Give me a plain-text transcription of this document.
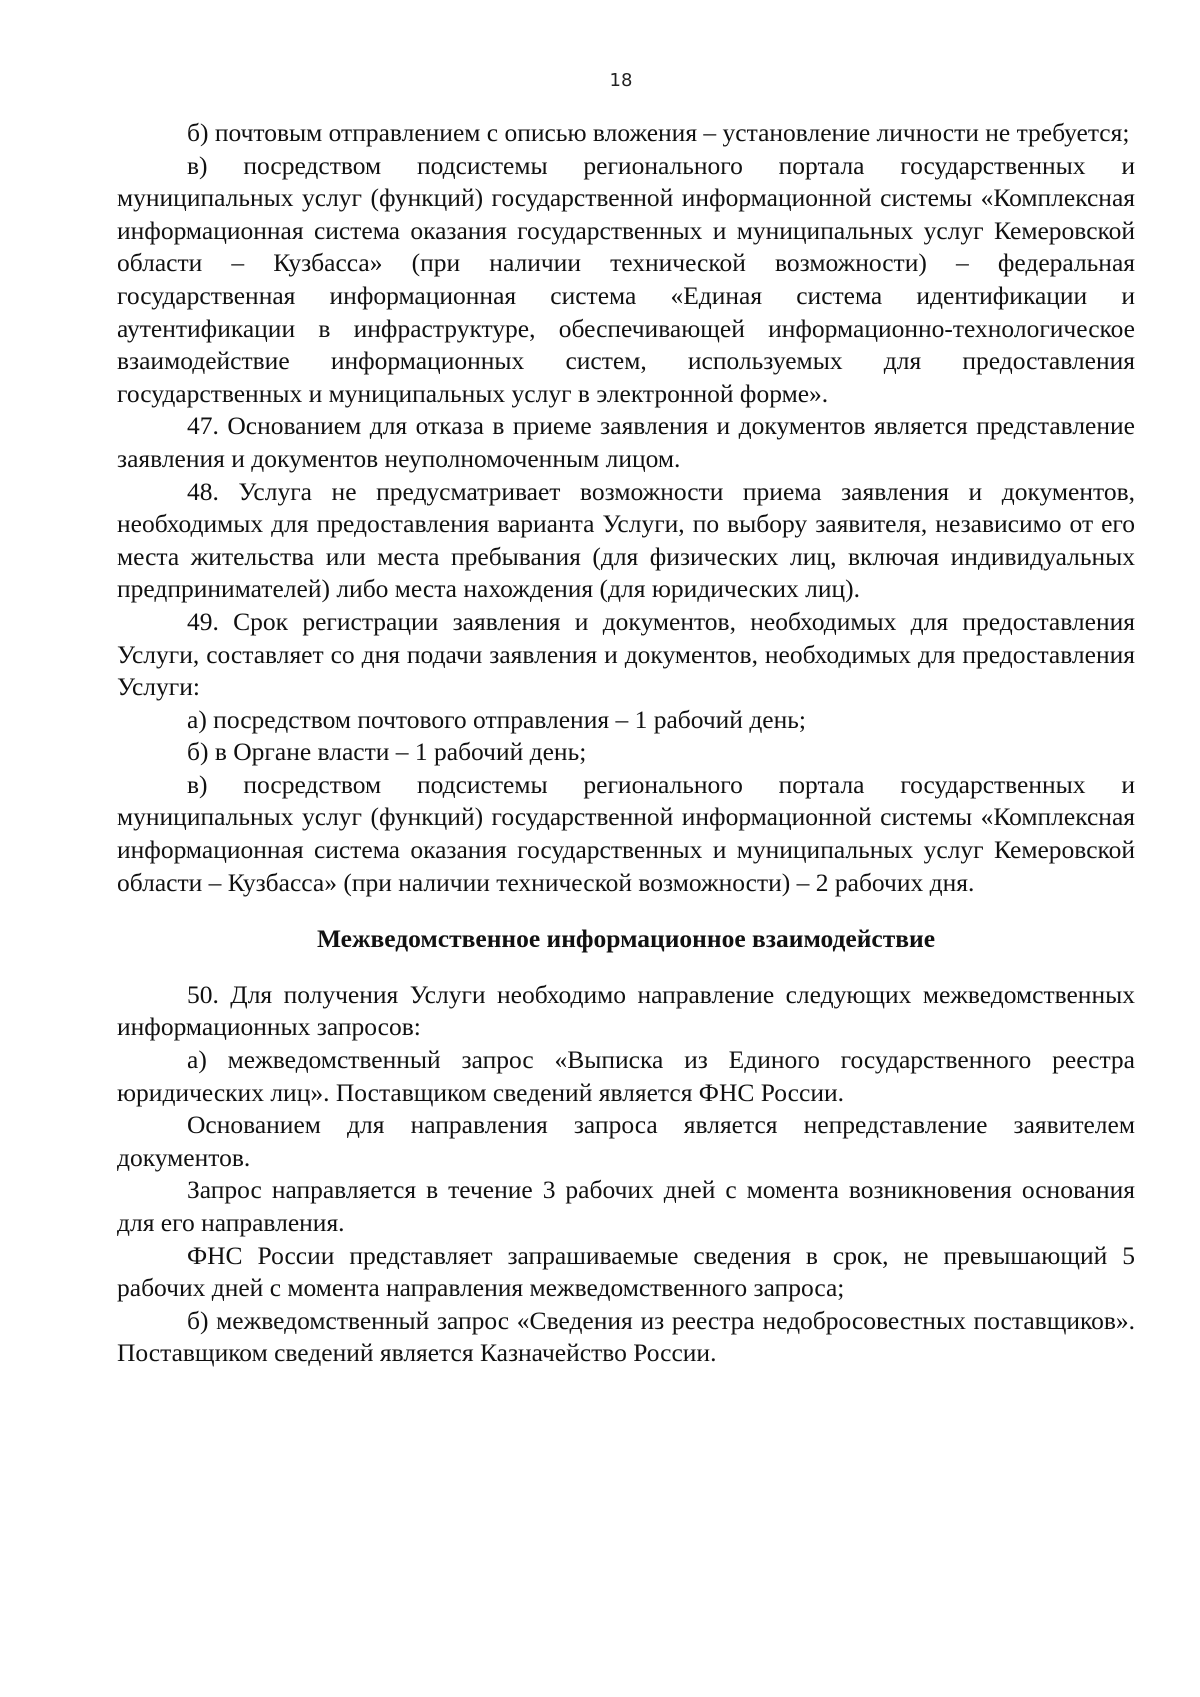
18

б) почтовым отправлением с описью вложения – установление личности не требуется;

в) посредством подсистемы регионального портала государственных и муниципальных услуг (функций) государственной информационной системы «Комплексная информационная система оказания государственных и муниципальных услуг Кемеровской области – Кузбасса» (при наличии технической возможности) – федеральная государственная информационная система «Единая система идентификации и аутентификации в инфраструктуре, обеспечивающей информационно-технологическое взаимодействие информационных систем, используемых для предоставления государственных и муниципальных услуг в электронной форме».

47. Основанием для отказа в приеме заявления и документов является представление заявления и документов неуполномоченным лицом.

48. Услуга не предусматривает возможности приема заявления и документов, необходимых для предоставления варианта Услуги, по выбору заявителя, независимо от его места жительства или места пребывания (для физических лиц, включая индивидуальных предпринимателей) либо места нахождения (для юридических лиц).

49. Срок регистрации заявления и документов, необходимых для предоставления Услуги, составляет со дня подачи заявления и документов, необходимых для предоставления Услуги:

а) посредством почтового отправления – 1 рабочий день;

б) в Органе власти – 1 рабочий день;

в) посредством подсистемы регионального портала государственных и муниципальных услуг (функций) государственной информационной системы «Комплексная информационная система оказания государственных и муниципальных услуг Кемеровской области – Кузбасса» (при наличии технической возможности) – 2 рабочих дня.

Межведомственное информационное взаимодействие

50. Для получения Услуги необходимо направление следующих межведомственных информационных запросов:

а) межведомственный запрос «Выписка из Единого государственного реестра юридических лиц». Поставщиком сведений является ФНС России.

Основанием для направления запроса является непредставление заявителем документов.

Запрос направляется в течение 3 рабочих дней с момента возникновения основания для его направления.

ФНС России представляет запрашиваемые сведения в срок, не превышающий 5 рабочих дней с момента направления межведомственного запроса;

б) межведомственный запрос «Сведения из реестра недобросовестных поставщиков». Поставщиком сведений является Казначейство России.
